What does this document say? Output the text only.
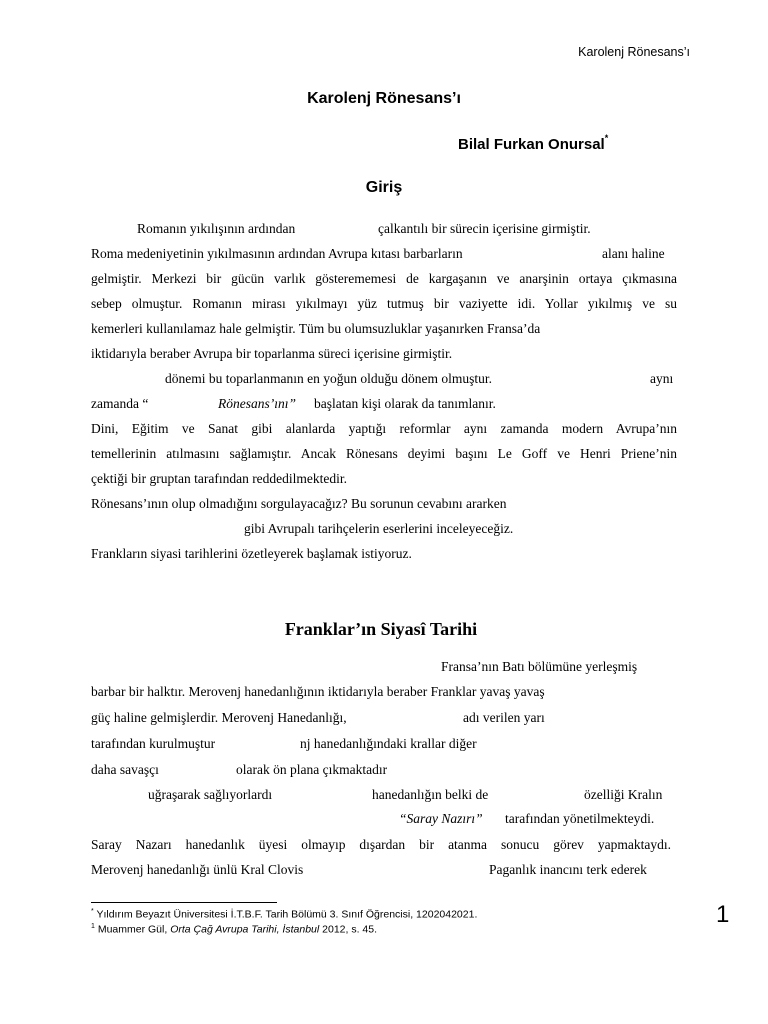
Karolenj Rönesans’ı
Karolenj Rönesans’ı
Bilal Furkan Onursal*
Giriş
Romanın yıkılışının ardından	çalkantılı bir sürecin içerisine girmiştir.
Roma medeniyetinin yıkılmasının ardından Avrupa kıtası barbarların	alanı haline
gelmiştir. Merkezi bir gücün varlık gösterememesi de kargaşanın ve anarşinin ortaya çıkmasına
sebep olmuştur. Romanın mirası yıkılmayı yüz tutmuş bir vaziyette idi. Yollar yıkılmış ve su
kemerleri kullanılamaz hale gelmiştir. Tüm bu olumsuzluklar yaşanırken Fransa’da
iktidarıyla beraber Avrupa bir toparlanma süreci içerisine girmiştir.
dönemi bu toparlanmanın en yoğun olduğu dönem olmuştur.	aynı
zamanda “	Rönesans’ını” başlatan kişi olarak da tanımlanır.
Dini, Eğitim ve Sanat gibi alanlarda yaptığı reformlar aynı zamanda modern Avrupa’nın
temellerinin atılmasını sağlamıştır. Ancak Rönesans deyimi başını Le Goff ve Henri Priene’nin
çektiği bir gruptan tarafından reddedilmektedir.
Rönesans’ının olup olmadığını sorgulayacağız? Bu sorunun cevabını ararken
gibi Avrupalı tarihçelerin eserlerini inceleyeceğiz.
Frankların siyasi tarihlerini özetleyerek başlamak istiyoruz.
Franklar’ın Siyasî Tarihi
Fransa’nın Batı bölümüne yerleşmiş
barbar bir halktır. Merovenj hanedanlığının iktidarıyla beraber Franklar yavaş yavaş
güç haline gelmişlerdir. Merovenj Hanedanlığı,	adı verilen yarı
tarafından kurulmuştur	nj hanedanlığındaki krallar diğer
daha savaşçı	olarak ön plana çıkmaktadır
uğraşarak sağlıyorlardı	hanedanlığın belki de	özelliği Kralın
“Saray Nazırı” tarafından yönetilmekteydi.
Saray Nazarı hanedanlık üyesi olmayıp dışardan bir atanma sonucu görev yapmaktaydı.
Merovenj hanedanlığı ünlü Kral Clovis	Paganlık inancını terk ederek
* Yıldırım Beyazıt Üniversitesi İ.T.B.F. Tarih Bölümü 3. Sınıf Öğrencisi, 1202042021.
$^1$ Muammer Gül, Orta Çağ Avrupa Tarihi, İstanbul 2012, s. 45.
1
